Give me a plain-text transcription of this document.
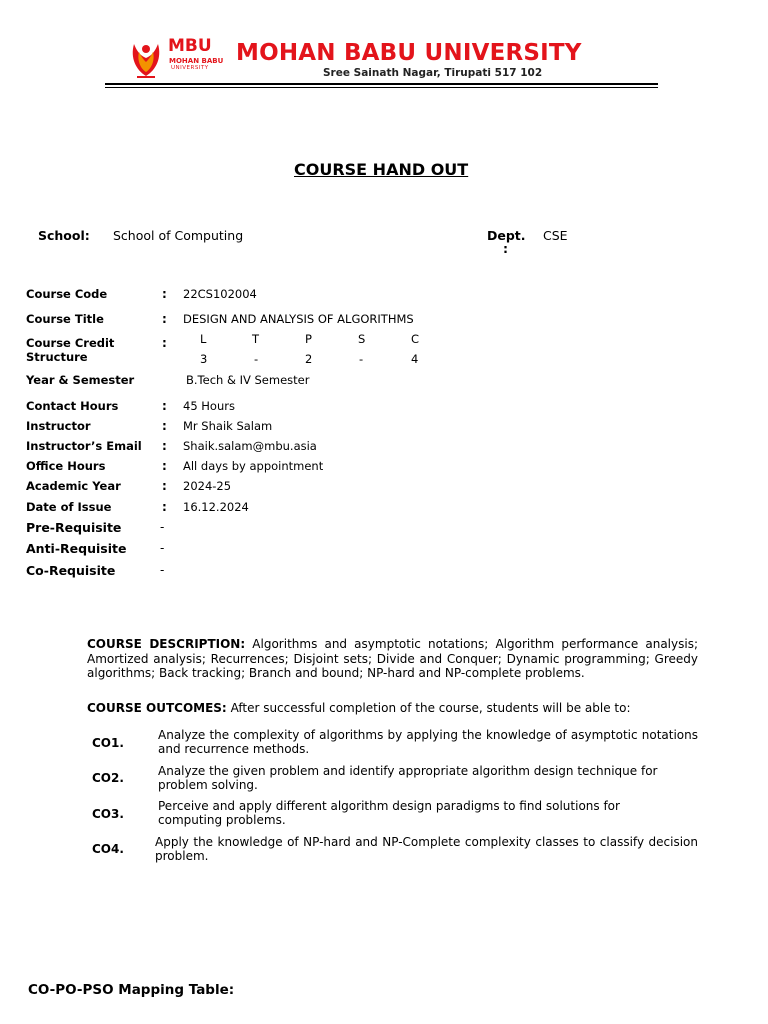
MBU
MOHAN BABU
UNIVERSITY
MOHAN BABU UNIVERSITY
Sree Sainath Nagar, Tirupati 517 102
COURSE HAND OUT
School: School of Computing	Dept.
:
CSE
Course Code	: 22CS102004
Course Title	: DESIGN AND ANALYSIS OF ALGORITHMS
Course Credit
Structure
:	L	T	P	S	C
3	-	2	-	4
Year & Semester	B.Tech & IV Semester
Contact Hours	: 45 Hours
Instructor	: Mr Shaik Salam
Instructor’s Email : Shaik.salam@mbu.asia
Office Hours	: All days by appointment
Academic Year	: 2024-25
Date of Issue	: 16.12.2024
Pre-Requisite	-
Anti-Requisite	-
Co-Requisite	-
COURSE DESCRIPTION: Algorithms and asymptotic notations; Algorithm performance analysis; Amortized analysis; Recurrences; Disjoint sets; Divide and Conquer; Dynamic programming; Greedy algorithms; Back tracking; Branch and bound; NP-hard and NP-complete problems.
COURSE OUTCOMES: After successful completion of the course, students will be able to:
CO1.
Analyze the complexity of algorithms by applying the knowledge of asymptotic notations and recurrence methods.
CO2.	Analyze the given problem and identify appropriate algorithm design technique for problem solving.
CO3.
Perceive and apply different algorithm design paradigms to find solutions for computing problems.
CO4.	Apply the knowledge of NP-hard and NP-Complete complexity classes to classify decision problem.
CO-PO-PSO Mapping Table:
